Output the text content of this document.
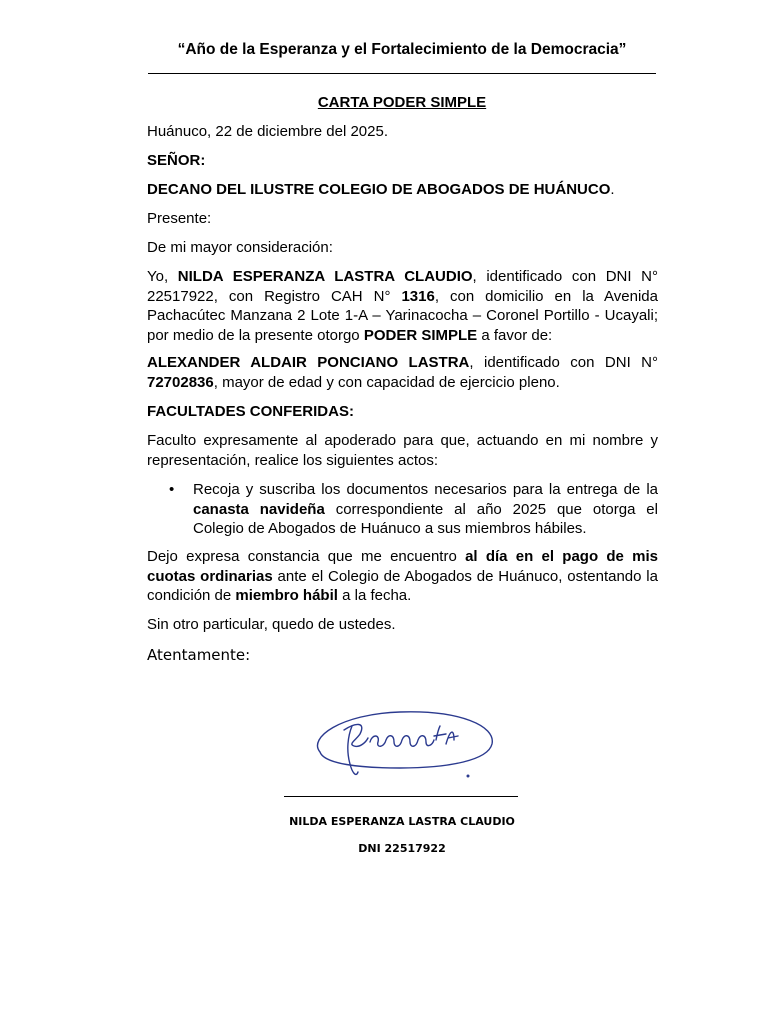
“Año de la Esperanza y el Fortalecimiento de la Democracia”
CARTA PODER SIMPLE
Huánuco, 22 de diciembre del 2025.
SEÑOR:
DECANO DEL ILUSTRE COLEGIO DE ABOGADOS DE HUÁNUCO.
Presente:
De mi mayor consideración:
Yo, NILDA ESPERANZA LASTRA CLAUDIO, identificado con DNI N° 22517922, con Registro CAH N° 1316, con domicilio en la Avenida Pachacútec Manzana 2 Lote 1-A – Yarinacocha – Coronel Portillo - Ucayali; por medio de la presente otorgo PODER SIMPLE a favor de:
ALEXANDER ALDAIR PONCIANO LASTRA, identificado con DNI N° 72702836, mayor de edad y con capacidad de ejercicio pleno.
FACULTADES CONFERIDAS:
Faculto expresamente al apoderado para que, actuando en mi nombre y representación, realice los siguientes actos:
• Recoja y suscriba los documentos necesarios para la entrega de la canasta navideña correspondiente al año 2025 que otorga el Colegio de Abogados de Huánuco a sus miembros hábiles.
Dejo expresa constancia que me encuentro al día en el pago de mis cuotas ordinarias ante el Colegio de Abogados de Huánuco, ostentando la condición de miembro hábil a la fecha.
Sin otro particular, quedo de ustedes.
Atentamente:
NILDA ESPERANZA LASTRA CLAUDIO
DNI 22517922
